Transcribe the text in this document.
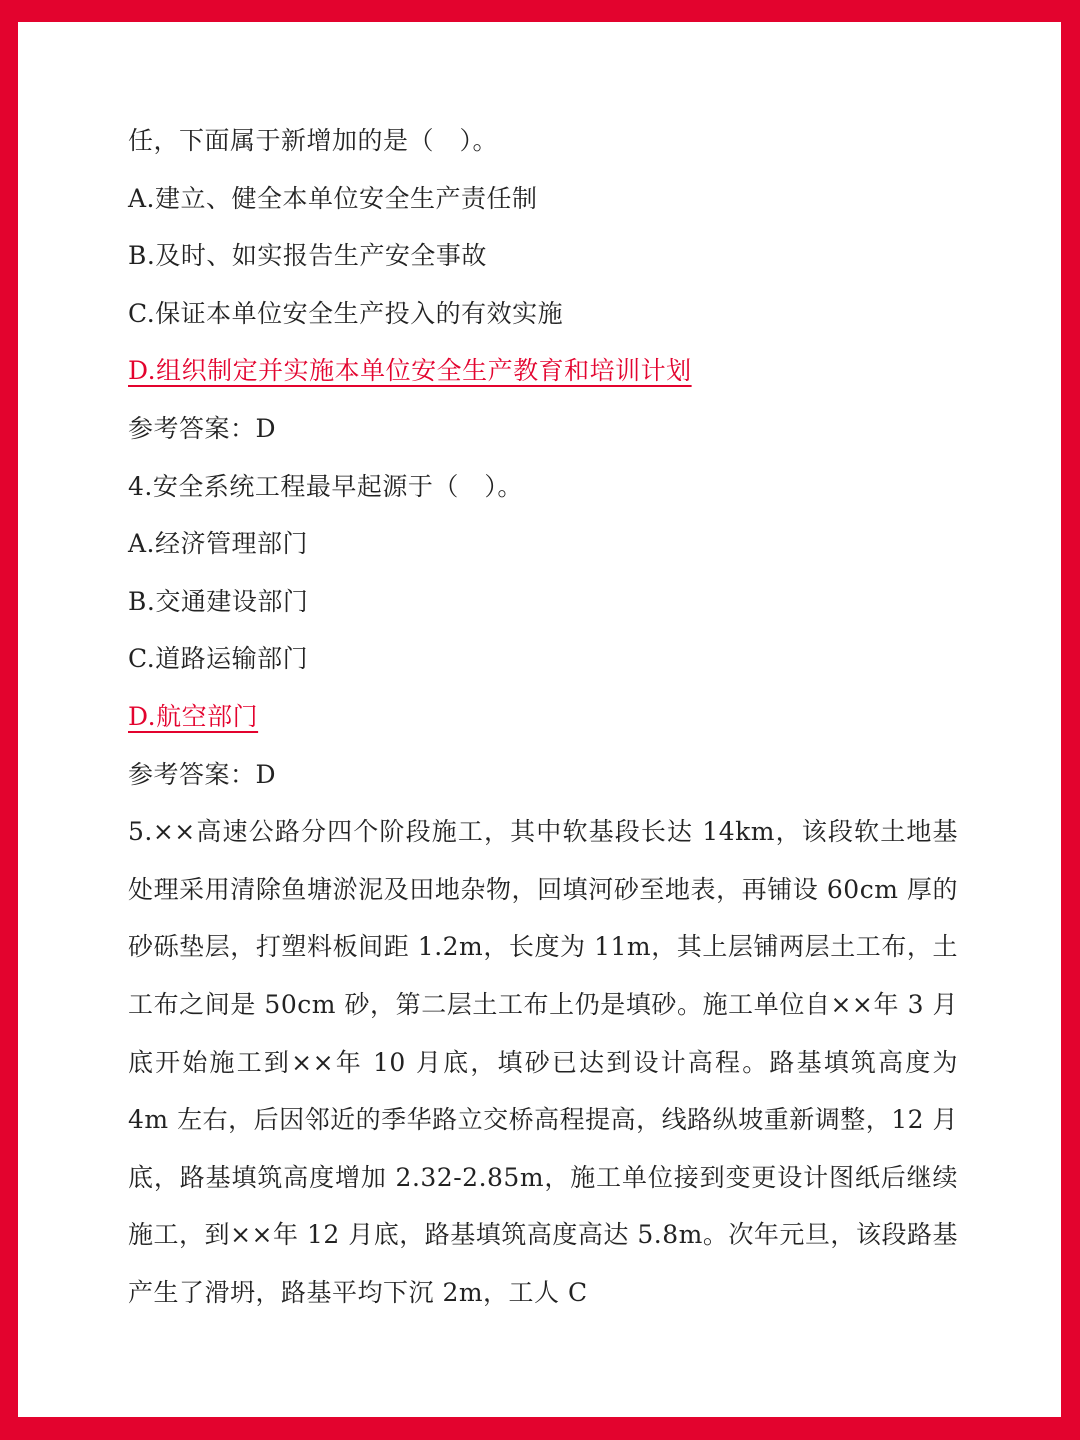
任，下面属于新增加的是（　）。
A.建立、健全本单位安全生产责任制
B.及时、如实报告生产安全事故
C.保证本单位安全生产投入的有效实施
D.组织制定并实施本单位安全生产教育和培训计划
参考答案：D
4.安全系统工程最早起源于（　）。
A.经济管理部门
B.交通建设部门
C.道路运输部门
D.航空部门
参考答案：D

5.××高速公路分四个阶段施工，其中软基段长达 14km，该段软土地基处理采用清除鱼塘淤泥及田地杂物，回填河砂至地表，再铺设 60cm 厚的砂砾垫层，打塑料板间距 1.2m，长度为 11m，其上层铺两层土工布，土工布之间是 50cm 砂，第二层土工布上仍是填砂。施工单位自××年 3 月底开始施工到××年 10 月底，填砂已达到设计高程。路基填筑高度为 4m 左右，后因邻近的季华路立交桥高程提高，线路纵坡重新调整，12 月底，路基填筑高度增加 2.32-2.85m，施工单位接到变更设计图纸后继续施工，到××年 12 月底，路基填筑高度高达 5.8m。次年元旦，该段路基产生了滑坍，路基平均下沉 2m，工人 C
